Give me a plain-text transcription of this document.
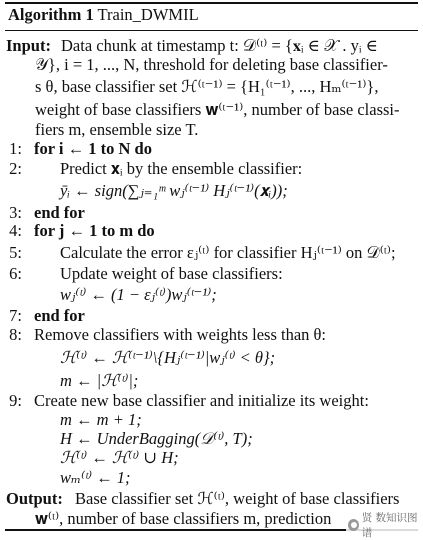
Algorithm 1 Train_DWMIL
Input: Data chunk at timestamp t: 𝒟⁽ᵗ⁾ = {𝐱ᵢ ∈ 𝒳 . yᵢ ∈
𝒴}, i = 1, ..., N, threshold for deleting base classifier-
s θ, base classifier set ℋ⁽ᵗ⁻¹⁾ = {H₁⁽ᵗ⁻¹⁾, ..., Hₘ⁽ᵗ⁻¹⁾},
weight of base classifiers 𝐰⁽ᵗ⁻¹⁾, number of base classi-
fiers m, ensemble size T.
1: for i ← 1 to N do
2: Predict 𝐱ᵢ by the ensemble classifier:
ȳᵢ ← sign(∑ⱼ₌₁ᵐ wⱼ⁽ᵗ⁻¹⁾ Hⱼ⁽ᵗ⁻¹⁾(𝐱ᵢ));
3: end for
4: for j ← 1 to m do
5: Calculate the error εⱼ⁽ᵗ⁾ for classifier Hⱼ⁽ᵗ⁻¹⁾ on 𝒟⁽ᵗ⁾;
6: Update weight of base classifiers:
wⱼ⁽ᵗ⁾ ← (1 − εⱼ⁽ᵗ⁾)wⱼ⁽ᵗ⁻¹⁾;
7: end for
8: Remove classifiers with weights less than θ:
ℋ⁽ᵗ⁾ ← ℋ⁽ᵗ⁻¹⁾\{Hⱼ⁽ᵗ⁻¹⁾|wⱼ⁽ᵗ⁾ < θ};
m ← |ℋ⁽ᵗ⁾|;
9: Create new base classifier and initialize its weight:
m ← m + 1;
H ← UnderBagging(𝒟⁽ᵗ⁾, T);
ℋ⁽ᵗ⁾ ← ℋ⁽ᵗ⁾ ∪ H;
wₘ⁽ᵗ⁾ ← 1;
Output: Base classifier set ℋ⁽ᵗ⁾, weight of base classifiers
𝐰⁽ᵗ⁾, number of base classifiers m, prediction	贤 数知识图谱
